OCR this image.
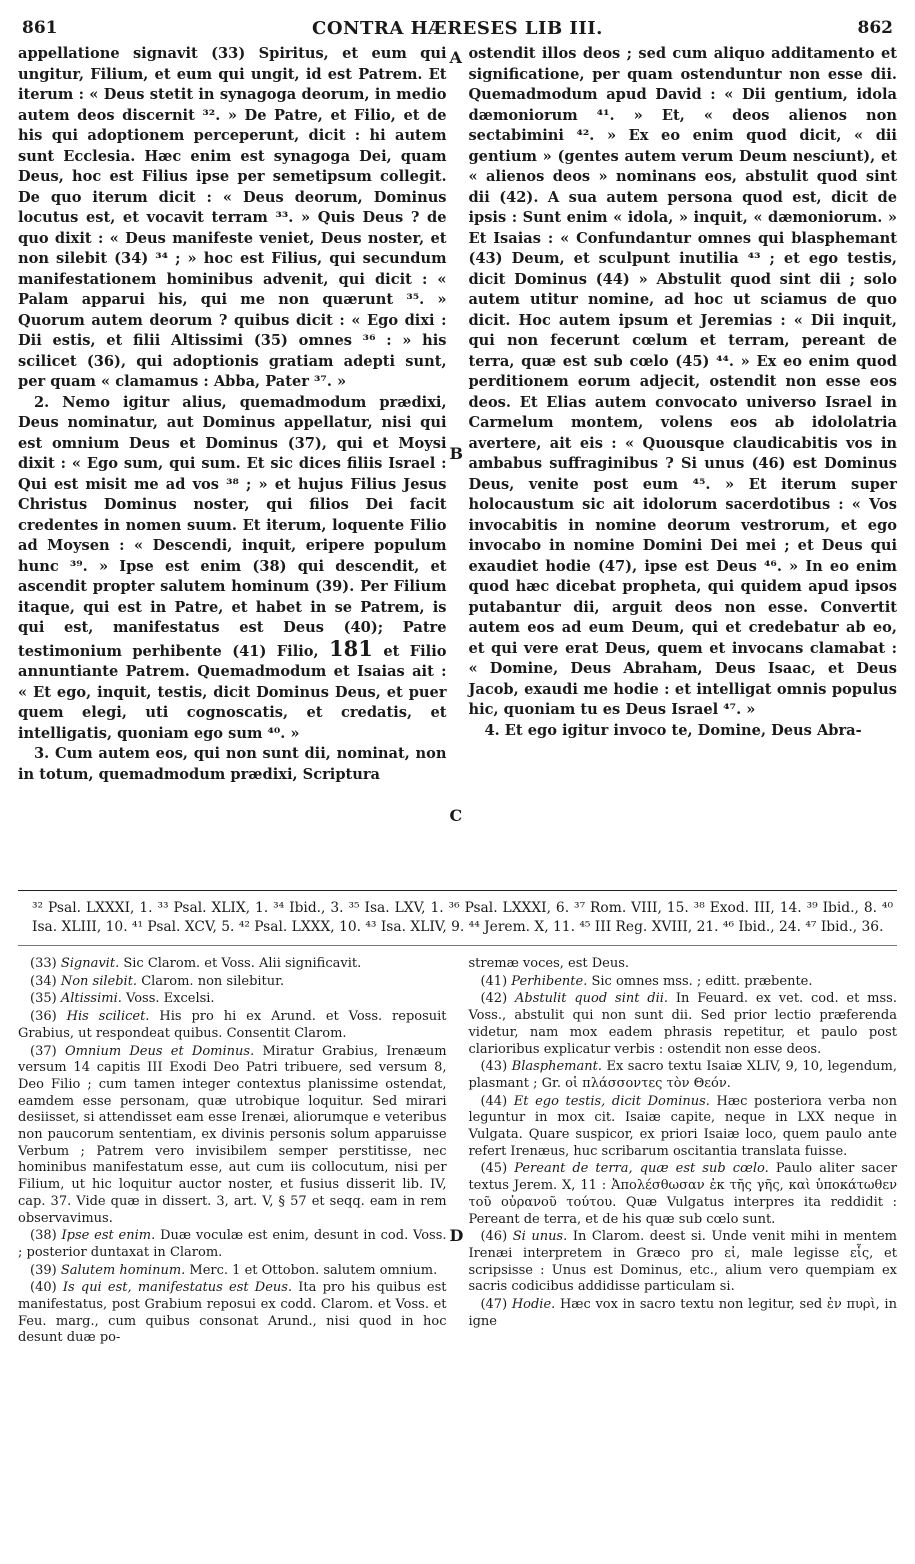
861	CONTRA HÆRESES LIB III.	862

appellatione signavit (33) Spiritus, et eum qui ungitur, Filium, et eum qui ungit, id est Patrem. Et iterum : « Deus stetit in synagoga deorum, in medio autem deos discernit ³². » De Patre, et Filio, et de his qui adoptionem perceperunt, dicit : hi autem sunt Ecclesia. Hæc enim est synagoga Dei, quam Deus, hoc est Filius ipse per semetipsum collegit. De quo iterum dicit : « Deus deorum, Dominus locutus est, et vocavit terram ³³. » Quis Deus ? de quo dixit : « Deus manifeste veniet, Deus noster, et non silebit (34) ³⁴ ; » hoc est Filius, qui secundum manifestationem hominibus advenit, qui dicit : « Palam apparui his, qui me non quærunt ³⁵. » Quorum autem deorum ? quibus dicit : « Ego dixi : Dii estis, et filii Altissimi (35) omnes ³⁶ : » his scilicet (36), qui adoptionis gratiam adepti sunt, per quam « clamamus : Abba, Pater ³⁷. »

2. Nemo igitur alius, quemadmodum prædixi, Deus nominatur, aut Dominus appellatur, nisi qui est omnium Deus et Dominus (37), qui et Moysi dixit : « Ego sum, qui sum. Et sic dices filiis Israel : Qui est misit me ad vos ³⁸ ; » et hujus Filius Jesus Christus Dominus noster, qui filios Dei facit credentes in nomen suum. Et iterum, loquente Filio ad Moysen : « Descendi, inquit, eripere populum hunc ³⁹. » Ipse est enim (38) qui descendit, et ascendit propter salutem hominum (39). Per Filium itaque, qui est in Patre, et habet in se Patrem, is qui est, manifestatus est Deus (40); Patre testimonium perhibente (41) Filio, 181 et Filio annuntiante Patrem. Quemadmodum et Isaias ait : « Et ego, inquit, testis, dicit Dominus Deus, et puer quem elegi, uti cognoscatis, et credatis, et intelligatis, quoniam ego sum ⁴⁰. »

3. Cum autem eos, qui non sunt dii, nominat, non in totum, quemadmodum prædixi, Scriptura

A
B
C

ostendit illos deos ; sed cum aliquo additamento et significatione, per quam ostenduntur non esse dii. Quemadmodum apud David : « Dii gentium, idola dæmoniorum ⁴¹. » Et, « deos alienos non sectabimini ⁴². » Ex eo enim quod dicit, « dii gentium » (gentes autem verum Deum nesciunt), et « alienos deos » nominans eos, abstulit quod sint dii (42). A sua autem persona quod est, dicit de ipsis : Sunt enim « idola, » inquit, « dæmoniorum. » Et Isaias : « Confundantur omnes qui blasphemant (43) Deum, et sculpunt inutilia ⁴³ ; et ego testis, dicit Dominus (44) » Abstulit quod sint dii ; solo autem utitur nomine, ad hoc ut sciamus de quo dicit. Hoc autem ipsum et Jeremias : « Dii inquit, qui non fecerunt cœlum et terram, pereant de terra, quæ est sub cœlo (45) ⁴⁴. » Ex eo enim quod perditionem eorum adjecit, ostendit non esse eos deos. Et Elias autem convocato universo Israel in Carmelum montem, volens eos ab idololatria avertere, ait eis : « Quousque claudicabitis vos in ambabus suffraginibus ? Si unus (46) est Dominus Deus, venite post eum ⁴⁵. » Et iterum super holocaustum sic ait idolorum sacerdotibus : « Vos invocabitis in nomine deorum vestrorum, et ego invocabo in nomine Domini Dei mei ; et Deus qui exaudiet hodie (47), ipse est Deus ⁴⁶. » In eo enim quod hæc dicebat propheta, qui quidem apud ipsos putabantur dii, arguit deos non esse. Convertit autem eos ad eum Deum, qui et credebatur ab eo, et qui vere erat Deus, quem et invocans clamabat : « Domine, Deus Abraham, Deus Isaac, et Deus Jacob, exaudi me hodie : et intelligat omnis populus hic, quoniam tu es Deus Israel ⁴⁷. »

4. Et ego igitur invoco te, Domine, Deus Abra-

³² Psal. LXXXI, 1. ³³ Psal. XLIX, 1. ³⁴ Ibid., 3. ³⁵ Isa. LXV, 1. ³⁶ Psal. LXXXI, 6. ³⁷ Rom. VIII, 15. ³⁸ Exod. III, 14. ³⁹ Ibid., 8. ⁴⁰ Isa. XLIII, 10. ⁴¹ Psal. XCV, 5. ⁴² Psal. LXXX, 10. ⁴³ Isa. XLIV, 9. ⁴⁴ Jerem. X, 11. ⁴⁵ III Reg. XVIII, 21. ⁴⁶ Ibid., 24. ⁴⁷ Ibid., 36.

(33) Signavit. Sic Clarom. et Voss. Alii significavit.

(34) Non silebit. Clarom. non silebitur.

(35) Altissimi. Voss. Excelsi.

(36) His scilicet. His pro hi ex Arund. et Voss. reposuit Grabius, ut respondeat quibus. Consentit Clarom.

(37) Omnium Deus et Dominus. Miratur Grabius, Irenæum versum 14 capitis III Exodi Deo Patri tribuere, sed versum 8, Deo Filio ; cum tamen integer contextus planissime ostendat, eamdem esse personam, quæ utrobique loquitur. Sed mirari desiisset, si attendisset eam esse Irenæi, aliorumque e veteribus non paucorum sententiam, ex divinis personis solum apparuisse Verbum ; Patrem vero invisibilem semper perstitisse, nec hominibus manifestatum esse, aut cum iis collocutum, nisi per Filium, ut hic loquitur auctor noster, et fusius disserit lib. IV, cap. 37. Vide quæ in dissert. 3, art. V, § 57 et seqq. eam in rem observavimus.

(38) Ipse est enim. Duæ voculæ est enim, desunt in cod. Voss. ; posterior duntaxat in Clarom.

(39) Salutem hominum. Merc. 1 et Ottobon. salutem omnium.

(40) Is qui est, manifestatus est Deus. Ita pro his quibus est manifestatus, post Grabium reposui ex codd. Clarom. et Voss. et Feu. marg., cum quibus consonat Arund., nisi quod in hoc desunt duæ po-

D

stremæ voces, est Deus.

(41) Perhibente. Sic omnes mss. ; editt. præbente.

(42) Abstulit quod sint dii. In Feuard. ex vet. cod. et mss. Voss., abstulit qui non sunt dii. Sed prior lectio præferenda videtur, nam mox eadem phrasis repetitur, et paulo post clarioribus explicatur verbis : ostendit non esse deos.

(43) Blasphemant. Ex sacro textu Isaiæ XLIV, 9, 10, legendum, plasmant ; Gr. οἱ πλάσσοντες τὸν Θεόν.

(44) Et ego testis, dicit Dominus. Hæc posteriora verba non leguntur in mox cit. Isaiæ capite, neque in LXX neque in Vulgata. Quare suspicor, ex priori Isaiæ loco, quem paulo ante refert Irenæus, huc scribarum oscitantia translata fuisse.

(45) Pereant de terra, quæ est sub cœlo. Paulo aliter sacer textus Jerem. X, 11 : Ἀπολέσθωσαν ἐκ τῆς γῆς, καὶ ὑποκάτωθεν τοῦ οὐρανοῦ τούτου. Quæ Vulgatus interpres ita reddidit : Pereant de terra, et de his quæ sub cœlo sunt.

(46) Si unus. In Clarom. deest si. Unde venit mihi in mentem Irenæi interpretem in Græco pro εἰ, male legisse εἷς, et scripsisse : Unus est Dominus, etc., alium vero quempiam ex sacris codicibus addidisse particulam si.

(47) Hodie. Hæc vox in sacro textu non legitur, sed ἐν πυρὶ, in igne
